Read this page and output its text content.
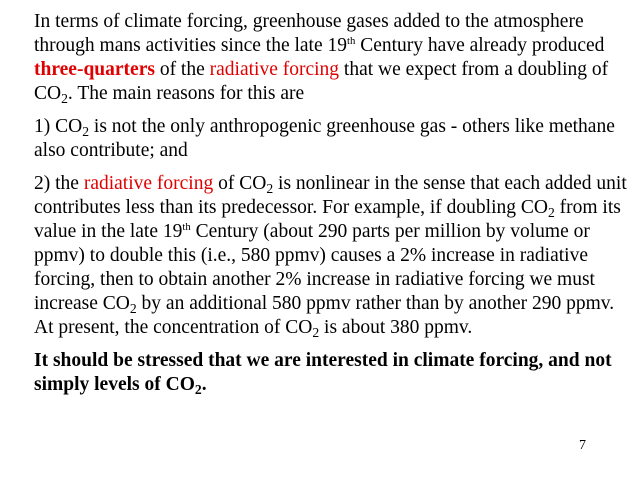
In terms of climate forcing, greenhouse gases added to the atmosphere through mans activities since the late 19th Century have already produced three-quarters of the radiative forcing that we expect from a doubling of $CO_2$. The main reasons for this are

1) $CO_2$ is not the only anthropogenic greenhouse gas - others like methane also contribute; and

2) the radiative forcing of $CO_2$ is nonlinear in the sense that each added unit contributes less than its predecessor. For example, if doubling $CO_2$ from its value in the late 19th Century (about 290 parts per million by volume or ppmv) to double this (i.e., 580 ppmv) causes a 2% increase in radiative forcing, then to obtain another 2% increase in radiative forcing we must increase $CO_2$ by an additional 580 ppmv rather than by another 290 ppmv. At present, the concentration of $CO_2$ is about 380 ppmv.

It should be stressed that we are interested in climate forcing, and not simply levels of $CO_2$.

7
